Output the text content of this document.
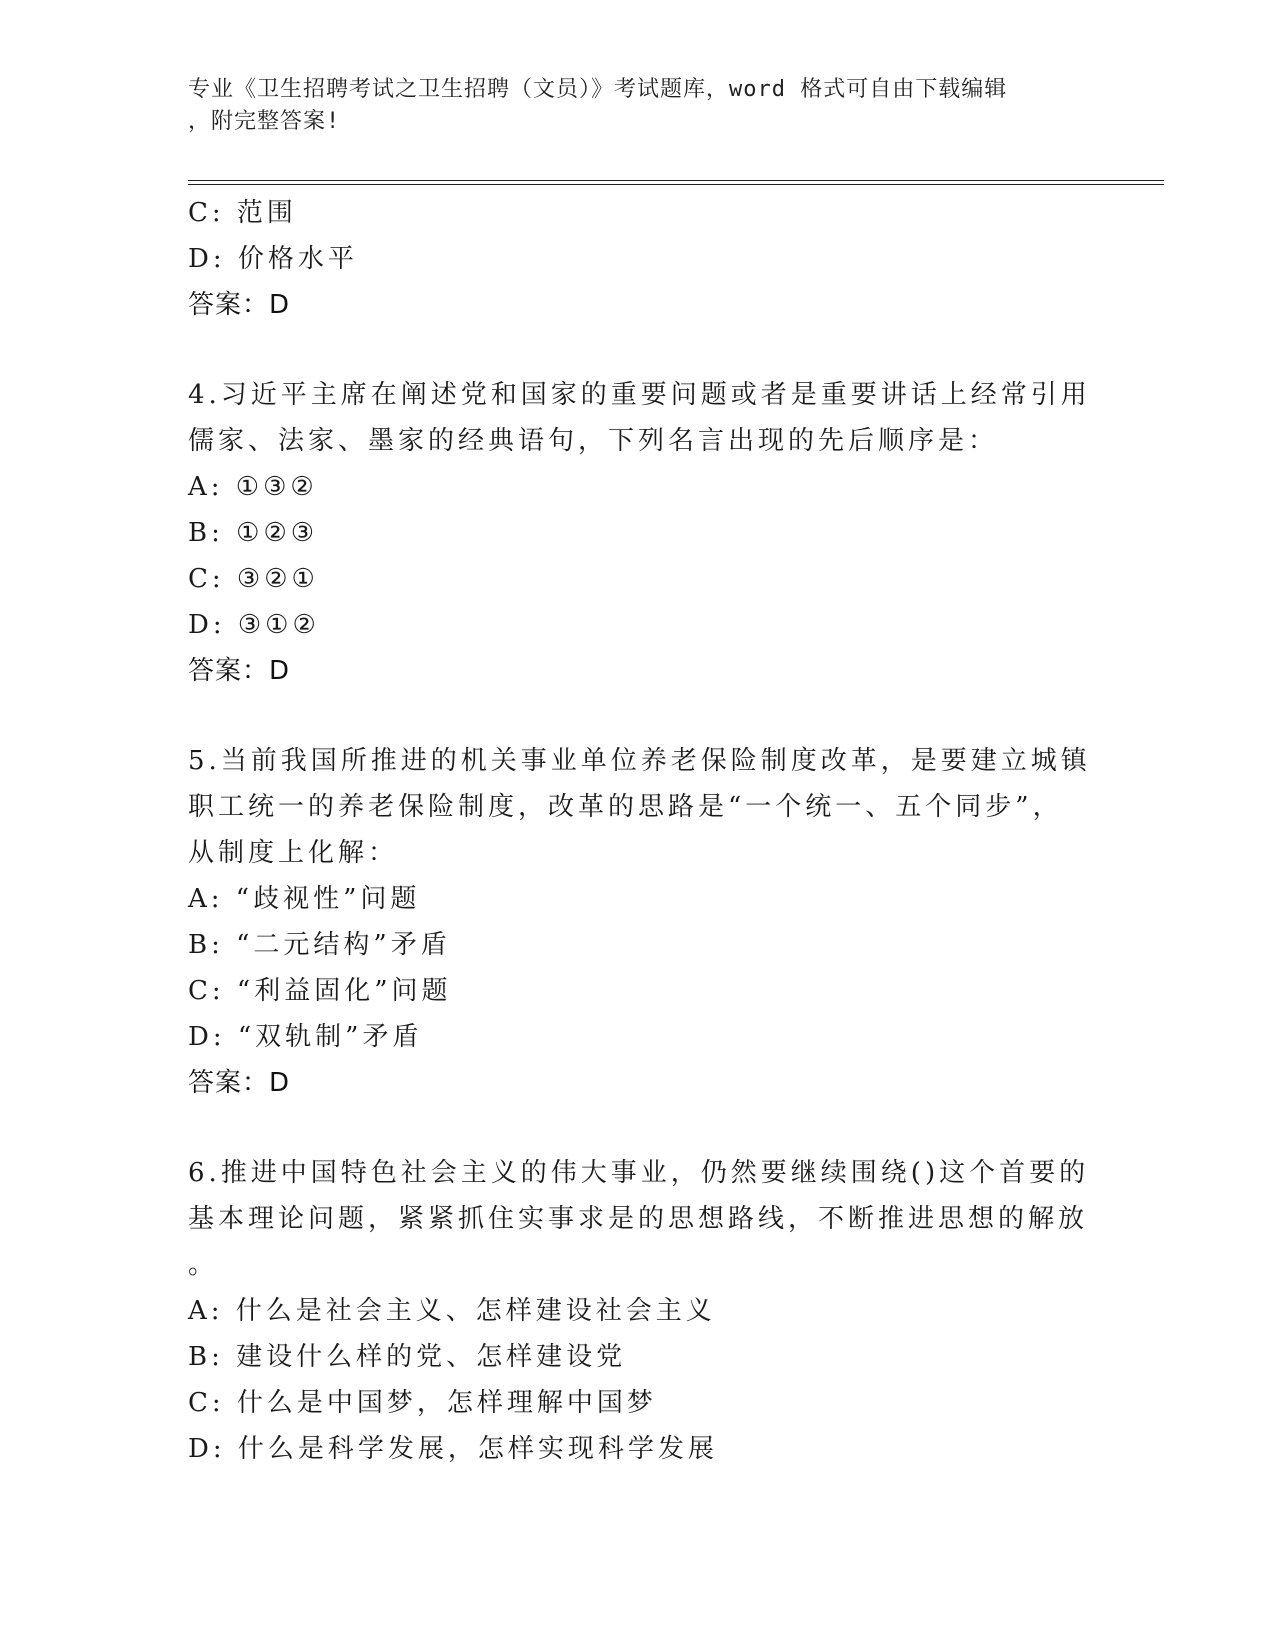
专业《卫生招聘考试之卫生招聘（文员）》考试题库，word 格式可自由下载编辑
，附完整答案!
C: 范围
D: 价格水平
答案：D
4.习近平主席在阐述党和国家的重要问题或者是重要讲话上经常引用
儒家、法家、墨家的经典语句，下列名言出现的先后顺序是：
A: ①③②
B: ①②③
C: ③②①
D: ③①②
答案：D
5.当前我国所推进的机关事业单位养老保险制度改革，是要建立城镇
职工统一的养老保险制度，改革的思路是“一个统一、五个同步”，
从制度上化解：
A: “歧视性”问题
B: “二元结构”矛盾
C: “利益固化”问题
D: “双轨制”矛盾
答案：D
6.推进中国特色社会主义的伟大事业，仍然要继续围绕()这个首要的
基本理论问题，紧紧抓住实事求是的思想路线，不断推进思想的解放
。
A: 什么是社会主义、怎样建设社会主义
B: 建设什么样的党、怎样建设党
C: 什么是中国梦，怎样理解中国梦
D: 什么是科学发展，怎样实现科学发展
